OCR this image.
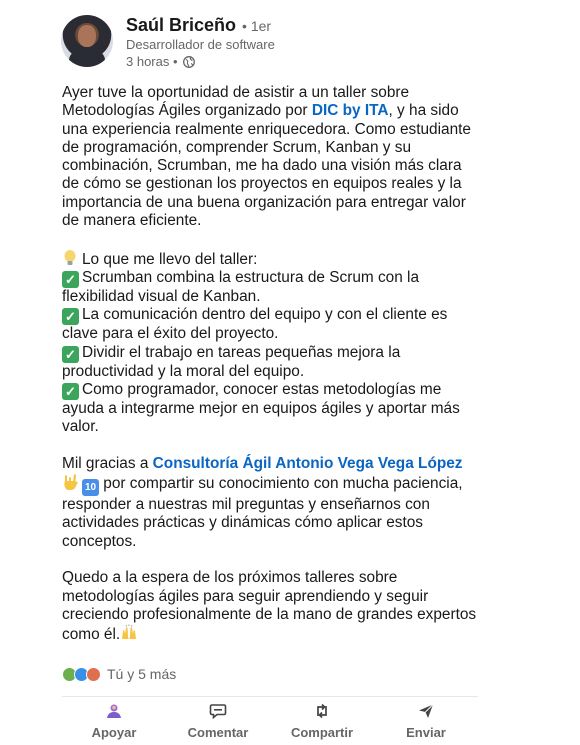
Saúl Briceño • 1er
Desarrollador de software
3 horas •

Ayer tuve la oportunidad de asistir a un taller sobre Metodologías Ágiles organizado por DIC by ITA, y ha sido una experiencia realmente enriquecedora. Como estudiante de programación, comprender Scrum, Kanban y su combinación, Scrumban, me ha dado una visión más clara de cómo se gestionan los proyectos en equipos reales y la importancia de una buena organización para entregar valor de manera eficiente.

Lo que me llevo del taller:

✓ Scrumban combina la estructura de Scrum con la flexibilidad visual de Kanban.

✓ La comunicación dentro del equipo y con el cliente es clave para el éxito del proyecto.

✓ Dividir el trabajo en tareas pequeñas mejora la productividad y la moral del equipo.

✓ Como programador, conocer estas metodologías me ayuda a integrarme mejor en equipos ágiles y aportar más valor.

Mil gracias a Consultoría Ágil Antonio Vega Vega López
10 por compartir su conocimiento con mucha paciencia, responder a nuestras mil preguntas y enseñarnos con actividades prácticas y dinámicas cómo aplicar estos conceptos.

Quedo a la espera de los próximos talleres sobre metodologías ágiles para seguir aprendiendo y seguir creciendo profesionalmente de la mano de grandes expertos como él.

Tú y 5 más
Apoyar	Comentar	Compartir	Enviar
